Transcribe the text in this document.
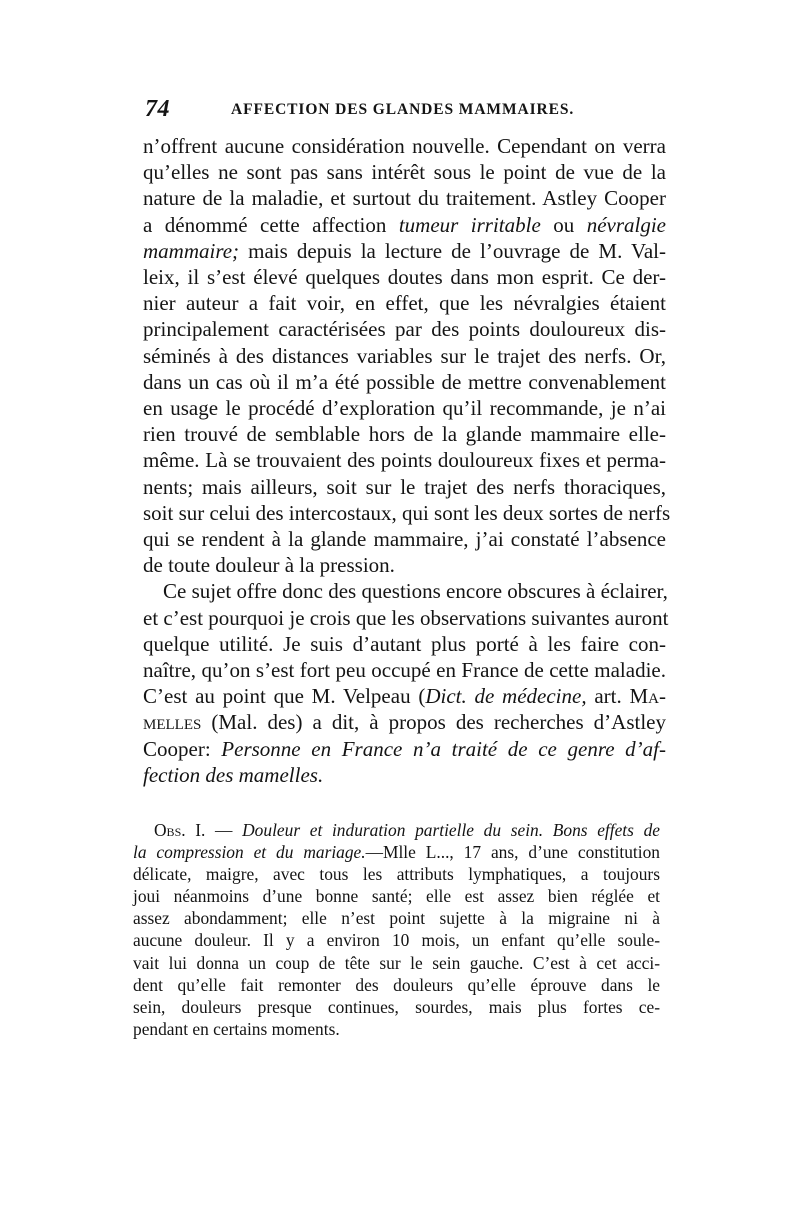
74	AFFECTION DES GLANDES MAMMAIRES.
n’offrent aucune considération nouvelle. Cependant on verra
qu’elles ne sont pas sans intérêt sous le point de vue de la
nature de la maladie, et surtout du traitement. Astley Cooper
a dénommé cette affection tumeur irritable ou névralgie
mammaire; mais depuis la lecture de l’ouvrage de M. Val-
leix, il s’est élevé quelques doutes dans mon esprit. Ce der-
nier auteur a fait voir, en effet, que les névralgies étaient
principalement caractérisées par des points douloureux dis-
séminés à des distances variables sur le trajet des nerfs. Or,
dans un cas où il m’a été possible de mettre convenablement
en usage le procédé d’exploration qu’il recommande, je n’ai
rien trouvé de semblable hors de la glande mammaire elle-
même. Là se trouvaient des points douloureux fixes et perma-
nents; mais ailleurs, soit sur le trajet des nerfs thoraciques,
soit sur celui des intercostaux, qui sont les deux sortes de nerfs
qui se rendent à la glande mammaire, j’ai constaté l’absence
de toute douleur à la pression.
Ce sujet offre donc des questions encore obscures à éclairer,
et c’est pourquoi je crois que les observations suivantes auront
quelque utilité. Je suis d’autant plus porté à les faire con-
naître, qu’on s’est fort peu occupé en France de cette maladie.
C’est au point que M. Velpeau (Dict. de médecine, art. Ma-
melles (Mal. des) a dit, à propos des recherches d’Astley
Cooper: Personne en France n’a traité de ce genre d’af-
fection des mamelles.
Obs. I. — Douleur et induration partielle du sein. Bons effets de
la compression et du mariage.—Mlle L..., 17 ans, d’une constitution
délicate, maigre, avec tous les attributs lymphatiques, a toujours
joui néanmoins d’une bonne santé; elle est assez bien réglée et
assez abondamment; elle n’est point sujette à la migraine ni à
aucune douleur. Il y a environ 10 mois, un enfant qu’elle soule-
vait lui donna un coup de tête sur le sein gauche. C’est à cet acci-
dent qu’elle fait remonter des douleurs qu’elle éprouve dans le
sein, douleurs presque continues, sourdes, mais plus fortes ce-
pendant en certains moments.
